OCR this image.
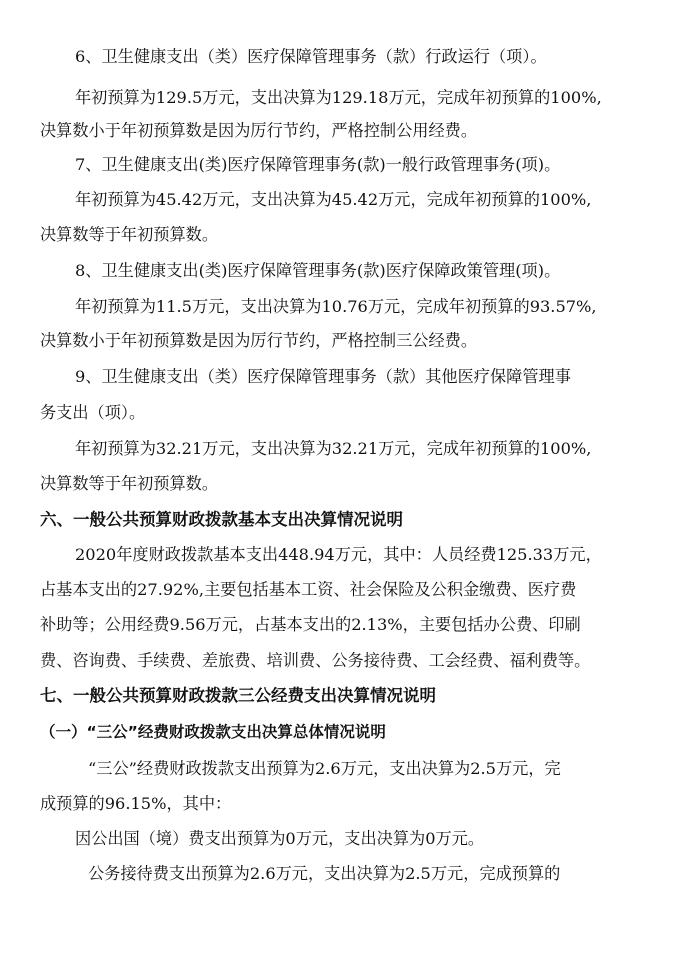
6、卫生健康支出（类）医疗保障管理事务（款）行政运行（项）。
年初预算为129.5万元，支出决算为129.18万元，完成年初预算的100%,
决算数小于年初预算数是因为厉行节约，严格控制公用经费。
7、卫生健康支出(类)医疗保障管理事务(款)一般行政管理事务(项)。
年初预算为45.42万元，支出决算为45.42万元，完成年初预算的100%,
决算数等于年初预算数。
8、卫生健康支出(类)医疗保障管理事务(款)医疗保障政策管理(项)。
年初预算为11.5万元，支出决算为10.76万元，完成年初预算的93.57%,
决算数小于年初预算数是因为厉行节约，严格控制三公经费。
9、卫生健康支出（类）医疗保障管理事务（款）其他医疗保障管理事
务支出（项）。
年初预算为32.21万元，支出决算为32.21万元，完成年初预算的100%,
决算数等于年初预算数。
六、一般公共预算财政拨款基本支出决算情况说明
2020年度财政拨款基本支出448.94万元，其中：人员经费125.33万元，
占基本支出的27.92%,主要包括基本工资、社会保险及公积金缴费、医疗费
补助等；公用经费9.56万元，占基本支出的2.13%，主要包括办公费、印刷
费、咨询费、手续费、差旅费、培训费、公务接待费、工会经费、福利费等。
七、一般公共预算财政拨款三公经费支出决算情况说明
（一）“三公”经费财政拨款支出决算总体情况说明
“三公”经费财政拨款支出预算为2.6万元，支出决算为2.5万元，完
成预算的96.15%，其中：
因公出国（境）费支出预算为0万元，支出决算为0万元。
公务接待费支出预算为2.6万元，支出决算为2.5万元，完成预算的
